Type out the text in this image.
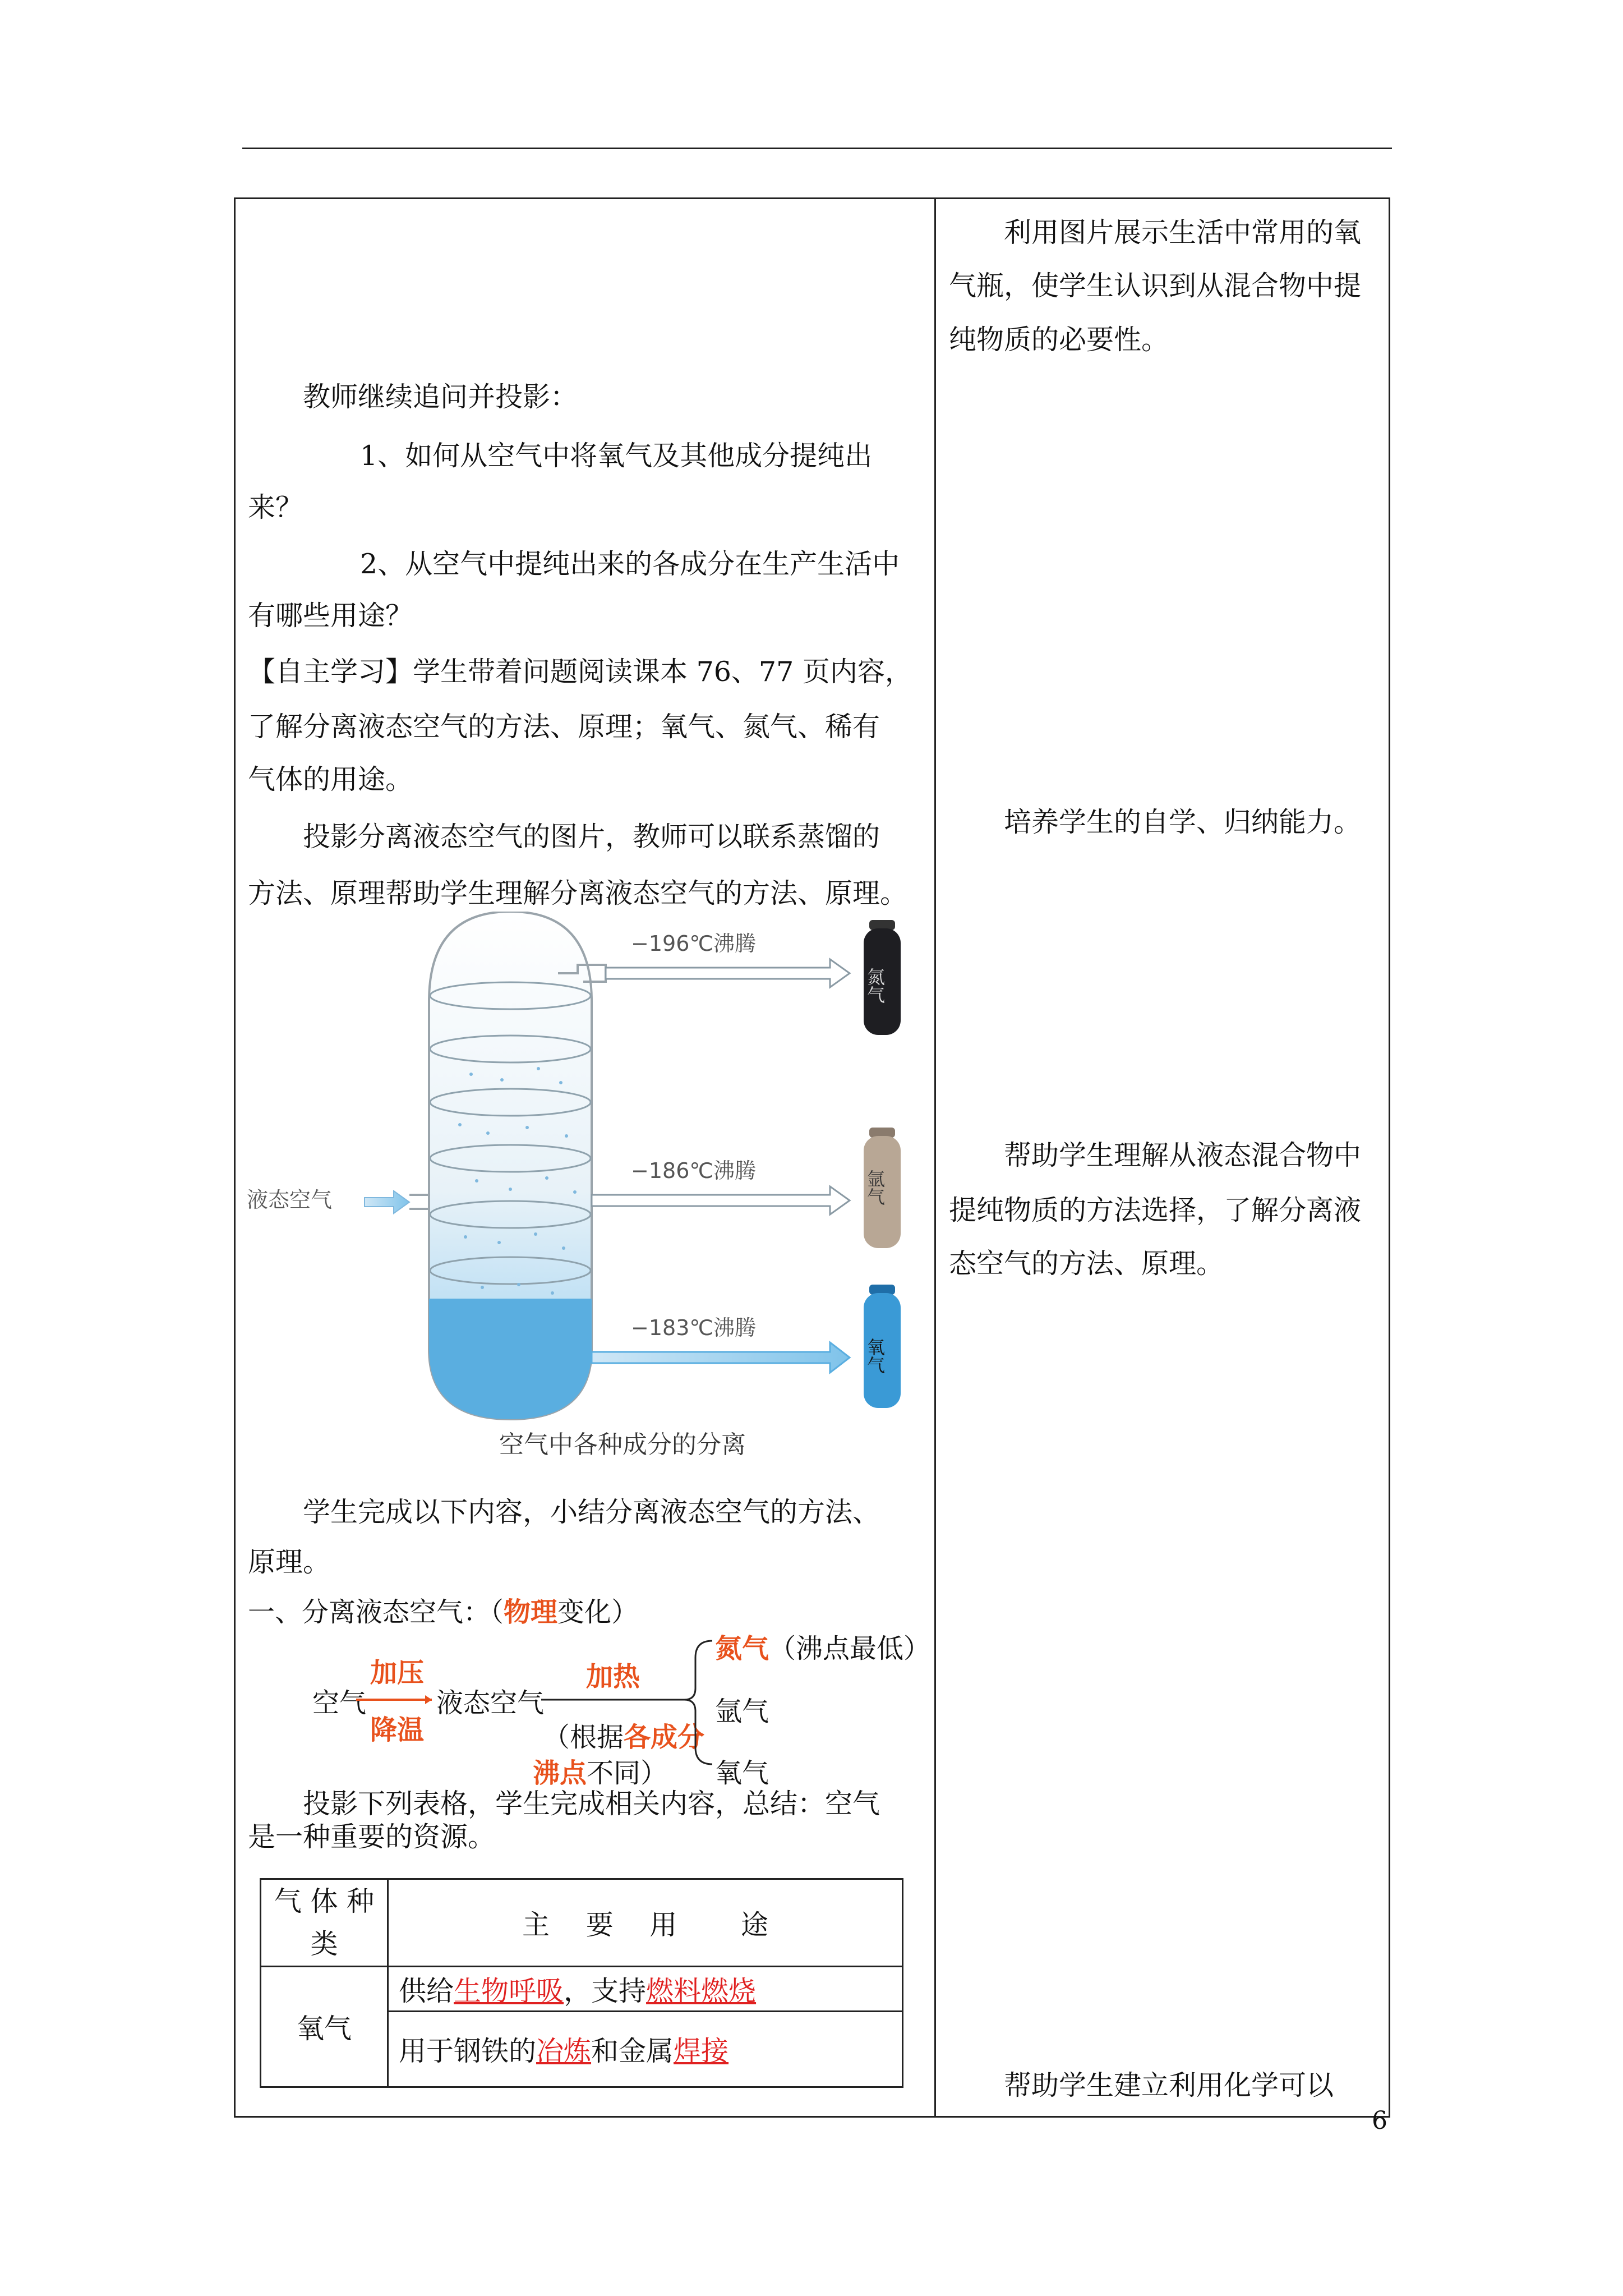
教师继续追问并投影：
1、如何从空气中将氧气及其他成分提纯出
来？
2、从空气中提纯出来的各成分在生产生活中
有哪些用途？
【自主学习】学生带着问题阅读课本 76、77 页内容，
了解分离液态空气的方法、原理；氧气、氮气、稀有
气体的用途。
投影分离液态空气的图片，教师可以联系蒸馏的
方法、原理帮助学生理解分离液态空气的方法、原理。
液态空气
−196℃沸腾
−186℃沸腾
−183℃沸腾
氮气
氩气
氧气
空气中各种成分的分离
学生完成以下内容，小结分离液态空气的方法、
原理。
一、分离液态空气：（物理变化）
空气
加压
降温
液态空气
加热
（根据各成分
沸点不同）
氮气（沸点最低）
氩气
氧气
投影下列表格，学生完成相关内容，总结：空气
是一种重要的资源。
气 体 种 类	主　 要　 用　　 途
氧气	供给生物呼吸，支持燃料燃烧
	用于钢铁的冶炼和金属焊接
利用图片展示生活中常用的氧
气瓶，使学生认识到从混合物中提
纯物质的必要性。
培养学生的自学、归纳能力。
帮助学生理解从液态混合物中
提纯物质的方法选择，了解分离液
态空气的方法、原理。
帮助学生建立利用化学可以
6
